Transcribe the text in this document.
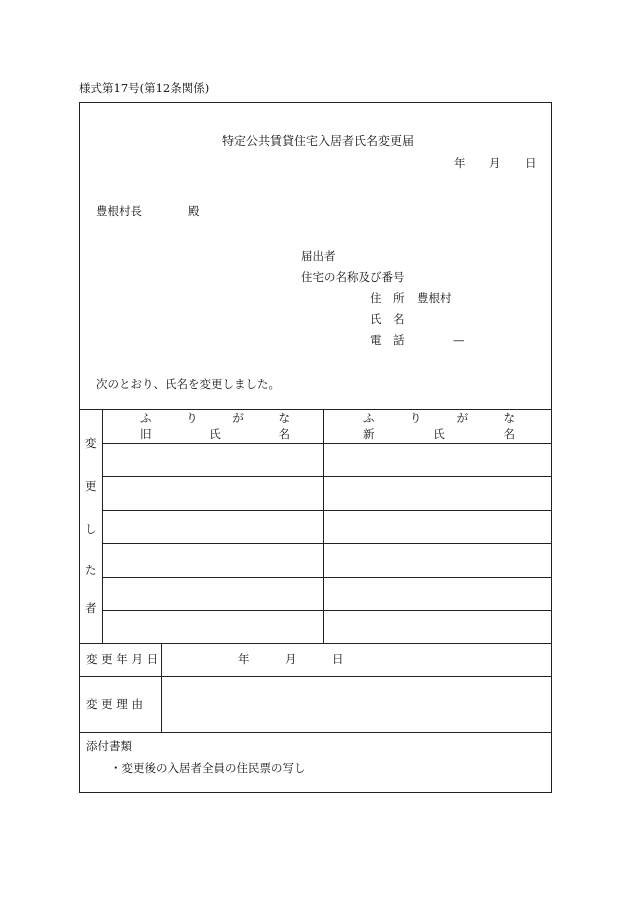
様式第17号(第12条関係)
特定公共賃貸住宅入居者氏名変更届
年 月 日
豊根村長	殿
届出者
住宅の名称及び番号
住 所 豊根村
氏 名
電 話	—
次のとおり、氏名を変更しました。
変
更
し
た
者
ふ	り	が	な
旧	氏	名
ふ	り	が	な
新	氏	名
変 更 年 月 日	年	月	日
変 更 理 由
添付書類
・変更後の入居者全員の住民票の写し
